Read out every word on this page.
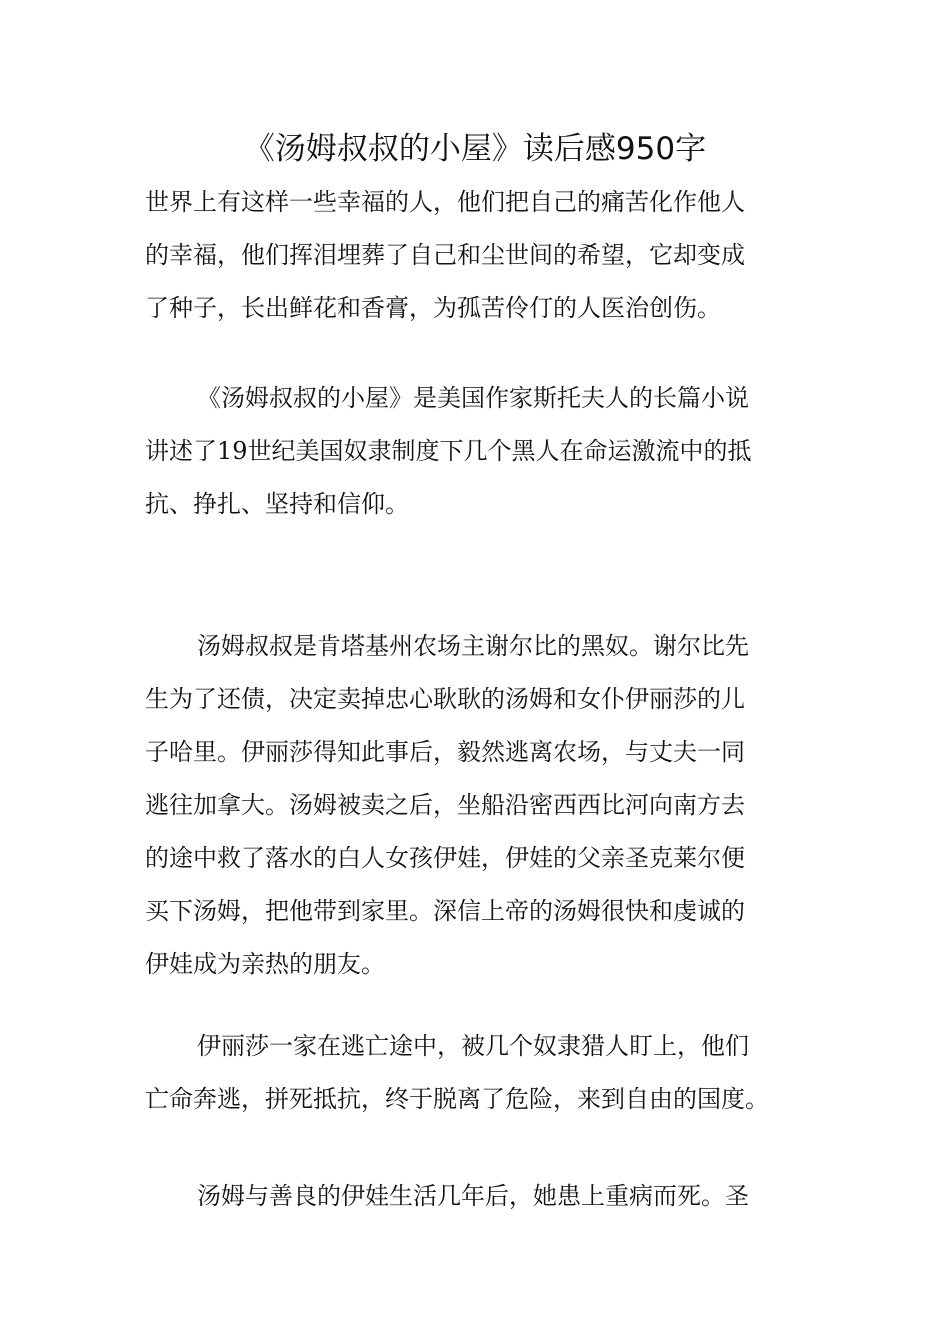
《汤姆叔叔的小屋》读后感950字
世界上有这样一些幸福的人，他们把自己的痛苦化作他人
的幸福，他们挥泪埋葬了自己和尘世间的希望，它却变成
了种子，长出鲜花和香膏，为孤苦伶仃的人医治创伤。
《汤姆叔叔的小屋》是美国作家斯托夫人的长篇小说
讲述了19世纪美国奴隶制度下几个黑人在命运激流中的抵
抗、挣扎、坚持和信仰。
汤姆叔叔是肯塔基州农场主谢尔比的黑奴。谢尔比先
生为了还债，决定卖掉忠心耿耿的汤姆和女仆伊丽莎的儿
子哈里。伊丽莎得知此事后，毅然逃离农场，与丈夫一同
逃往加拿大。汤姆被卖之后，坐船沿密西西比河向南方去
的途中救了落水的白人女孩伊娃，伊娃的父亲圣克莱尔便
买下汤姆，把他带到家里。深信上帝的汤姆很快和虔诚的
伊娃成为亲热的朋友。
伊丽莎一家在逃亡途中，被几个奴隶猎人盯上，他们
亡命奔逃，拼死抵抗，终于脱离了危险，来到自由的国度。
汤姆与善良的伊娃生活几年后，她患上重病而死。圣
